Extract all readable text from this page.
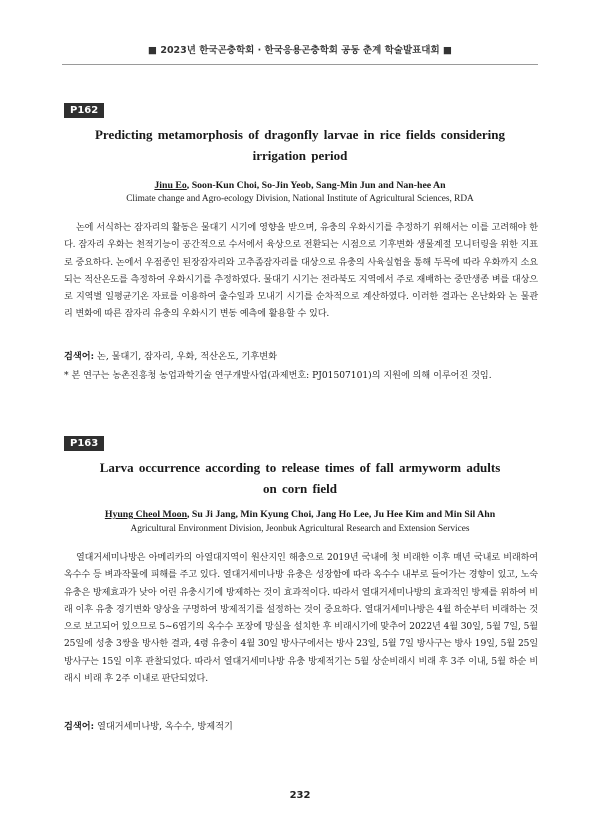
■ 2023년 한국곤충학회 · 한국응용곤충학회 공동 춘계 학술발표대회 ■
P162
Predicting metamorphosis of dragonfly larvae in rice fields considering
irrigation period
Jinu Eo, Soon-Kun Choi, So-Jin Yeob, Sang-Min Jun and Nan-hee An
Climate change and Agro-ecology Division, National Institute of Agricultural Sciences, RDA

논에 서식하는 잠자리의 활동은 물대기 시기에 영향을 받으며, 유충의 우화시기를 추정하기 위해서는 이를 고려해야 한다. 잠자리 우화는 천적기능이 공간적으로 수서에서 육상으로 전환되는 시점으로 기후변화 생물계절 모니터링을 위한 지표로 중요하다. 논에서 우점종인 된장잠자리와 고추좀잠자리를 대상으로 유충의 사육실험을 통해 두목에 따라 우화까지 소요되는 적산온도를 측정하여 우화시기를 추정하였다. 물대기 시기는 전라북도 지역에서 주로 재배하는 중만생종 벼를 대상으로 지역별 일평균기온 자료를 이용하여 출수일과 모내기 시기를 순차적으로 계산하였다. 이러한 결과는 온난화와 논 물관리 변화에 따른 잠자리 유충의 우화시기 변동 예측에 활용할 수 있다.

검색어: 논, 물대기, 잠자리, 우화, 적산온도, 기후변화

* 본 연구는 농촌진흥청 농업과학기술 연구개발사업(과제번호: PJ01507101)의 지원에 의해 이루어진 것임.

P163
Larva occurrence according to release times of fall armyworm adults
on corn field
Hyung Cheol Moon, Su Ji Jang, Min Kyung Choi, Jang Ho Lee, Ju Hee Kim and Min Sil Ahn
Agricultural Environment Division, Jeonbuk Agricultural Research and Extension Services

열대거세미나방은 아메리카의 아열대지역이 원산지인 해충으로 2019년 국내에 첫 비래한 이후 매년 국내로 비래하여 옥수수 등 벼과작물에 피해를 주고 있다. 열대거세미나방 유충은 성장함에 따라 옥수수 내부로 들어가는 경향이 있고, 노숙유충은 방제효과가 낮아 어린 유충시기에 방제하는 것이 효과적이다. 따라서 열대거세미나방의 효과적인 방제를 위하여 비래 이후 유충 경기변화 양상을 구명하여 방제적기를 설정하는 것이 중요하다. 열대거세미나방은 4월 하순부터 비래하는 것으로 보고되어 있으므로 5~6엽기의 옥수수 포장에 망실을 설치한 후 비래시기에 맞추어 2022년 4월 30일, 5월 7일, 5월 25일에 성충 3쌍을 방사한 결과, 4령 유충이 4월 30일 방사구에서는 방사 23일, 5월 7일 방사구는 방사 19일, 5월 25일 방사구는 15일 이후 관찰되었다. 따라서 열대거세미나방 유충 방제적기는 5월 상순비래시 비래 후 3주 이내, 5월 하순 비래시 비래 후 2주 이내로 판단되었다.

검색어: 열대거세미나방, 옥수수, 방제적기
232
